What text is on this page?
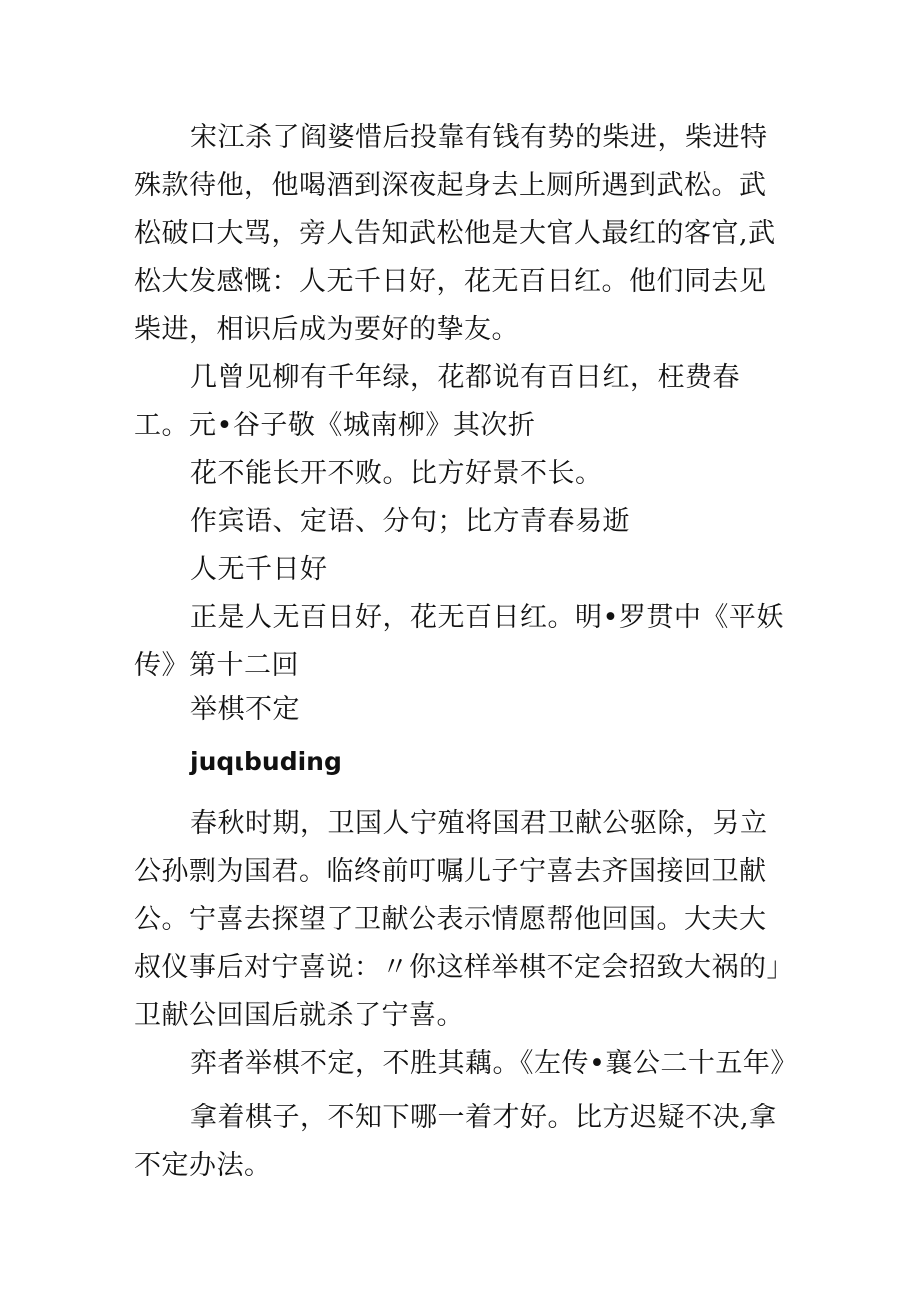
宋江杀了阎婆惜后投靠有钱有势的柴进，柴进特殊款待他，他喝酒到深夜起身去上厕所遇到武松。武松破口大骂，旁人告知武松他是大官人最红的客官,武松大发感慨：人无千日好，花无百日红。他们同去见柴进，相识后成为要好的挚友。

几曾见柳有千年绿，花都说有百日红，枉费春工。元•谷子敬《城南柳》其次折

花不能长开不败。比方好景不长。

作宾语、定语、分句；比方青春易逝

人无千日好

正是人无百日好，花无百日红。明•罗贯中《平妖传》第十二回

举棋不定

juqιbuding

春秋时期，卫国人宁殖将国君卫献公驱除，另立公孙剽为国君。临终前叮嘱儿子宁喜去齐国接回卫献公。宁喜去探望了卫献公表示情愿帮他回国。大夫大叔仪事后对宁喜说：〃你这样举棋不定会招致大祸的」卫献公回国后就杀了宁喜。

弈者举棋不定，不胜其藕。《左传•襄公二十五年》

拿着棋子，不知下哪一着才好。比方迟疑不决,拿不定办法。
